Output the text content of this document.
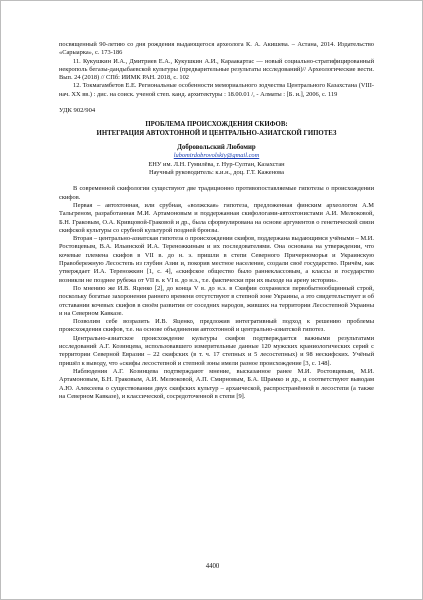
посвященный 90-летию со дня рождения выдающегося археолога К. А. Акишева. – Астана, 2014. Издательство «Сарыарка», с. 173-186

11. Кукушкин И.А., Дмитриев Е.А., Кукушкин А.И., Караакартас — новый социально-стратифицированный некрополь бегазы-дандыбаевской культуры (предварительные результаты исследований)// Археологические вести. Вып. 24 (2018) // СПб: ИИМК РАН. 2018, с. 102

12. Токмагамбетов Е.Е. Региональные особенности мемориального зодчества Центрального Казахстана (VIII-нач. XX вв.) : дис. на соиск. ученой степ. канд. архитектуры : 18.00.01 /, - Алматы : [Б. и.], 2006, с. 119

УДК 902/904

ПРОБЛЕМА ПРОИСХОЖДЕНИЯ СКИФОВ:
ИНТЕГРАЦИЯ АВТОХТОННОЙ И ЦЕНТРАЛЬНО-АЗИАТСКОЙ ГИПОТЕЗ
Добровольский Любомир
lubomirdobrovolskiy@gmail.com
ЕНУ им. Л.Н. Гумилёва, г. Нур-Султан, Казахстан
Научный руководитель: к.и.н., доц. Г.Т. Каженова

В современной скифологии существуют две традиционно противопоставляемые гипотезы о происхождении скифов.

Первая – автохтонная, или срубная, «волжская» гипотеза, предложенная финским археологом А.М Тальгреном, разработанная М.И. Артамоновым и поддержанная скифологами-автохтонистами А.И. Мелюковой, Б.Н. Граковым, О.А. Кривцовой-Граковой и др., была сформулирована на основе аргументов о генетической связи скифской культуры со срубной культурой поздней бронзы.

Вторая – центрально-азиатская гипотеза о происхождении скифов, поддержана выдающимся учёными – М.И. Ростовцевым, В.А. Ильинской И.А. Тереножкиным и их последователями. Она основана на утверждении, что кочевые племена скифов в VII в. до н. э. пришли в степи Северного Причерноморья и Украинскую Правобережную Лесостепь из глубин Азии и, покорив местное население, создали своё государство. Причём, как утверждает И.А. Тереножкин [1, с. 4], «скифское общество было раннеклассовым, а классы и государство возникли не позднее рубежа от VII в. к VI в. до н.э., т.е. фактически при их выходе на арену истории».

По мнению же И.В. Яценко [2], до конца V в. до н.э. в Скифии сохранялся первобытнообщинный строй, поскольку богатые захоронения раннего времени отсутствуют в степной зоне Украины, а это свидетельствует и об отставании кочевых скифов в своём развитии от соседних народов, живших на территории Лесостепной Украины и на Северном Кавказе.

Позволим себе возразить И.В. Яценко, предложив интегративный подход к решению проблемы происхождения скифов, т.е. на основе объединения автохтонной и центрально-азиатской гипотез.

Центрально-азиатское происхождение культуры скифов подтверждается важными результатами исследований А.Г. Козинцева, использовавшего измерительные данные 120 мужских краниологических серий с территории Северной Евразии – 22 скифских (в т. ч. 17 степных и 5 лесостепных) и 98 нескифских. Учёный пришёл к выводу, что «скифы лесостепной и степной зоны имели разное происхождение [3, с. 148].

Наблюдения А.Г. Козинцева подтверждают мнение, высказанное ранее М.И. Ростовцевым, М.И. Артамоновым, Б.Н. Граковым, А.И. Мелюковой, А.П. Смирновым, Б.А. Шрамко и др., и соответствуют выводам А.Ю. Алексеева о существовании двух скифских культур – архаической, распространённой в лесостепи (а также на Северном Кавказе), и классической, сосредоточенной в степи [9].

4400
